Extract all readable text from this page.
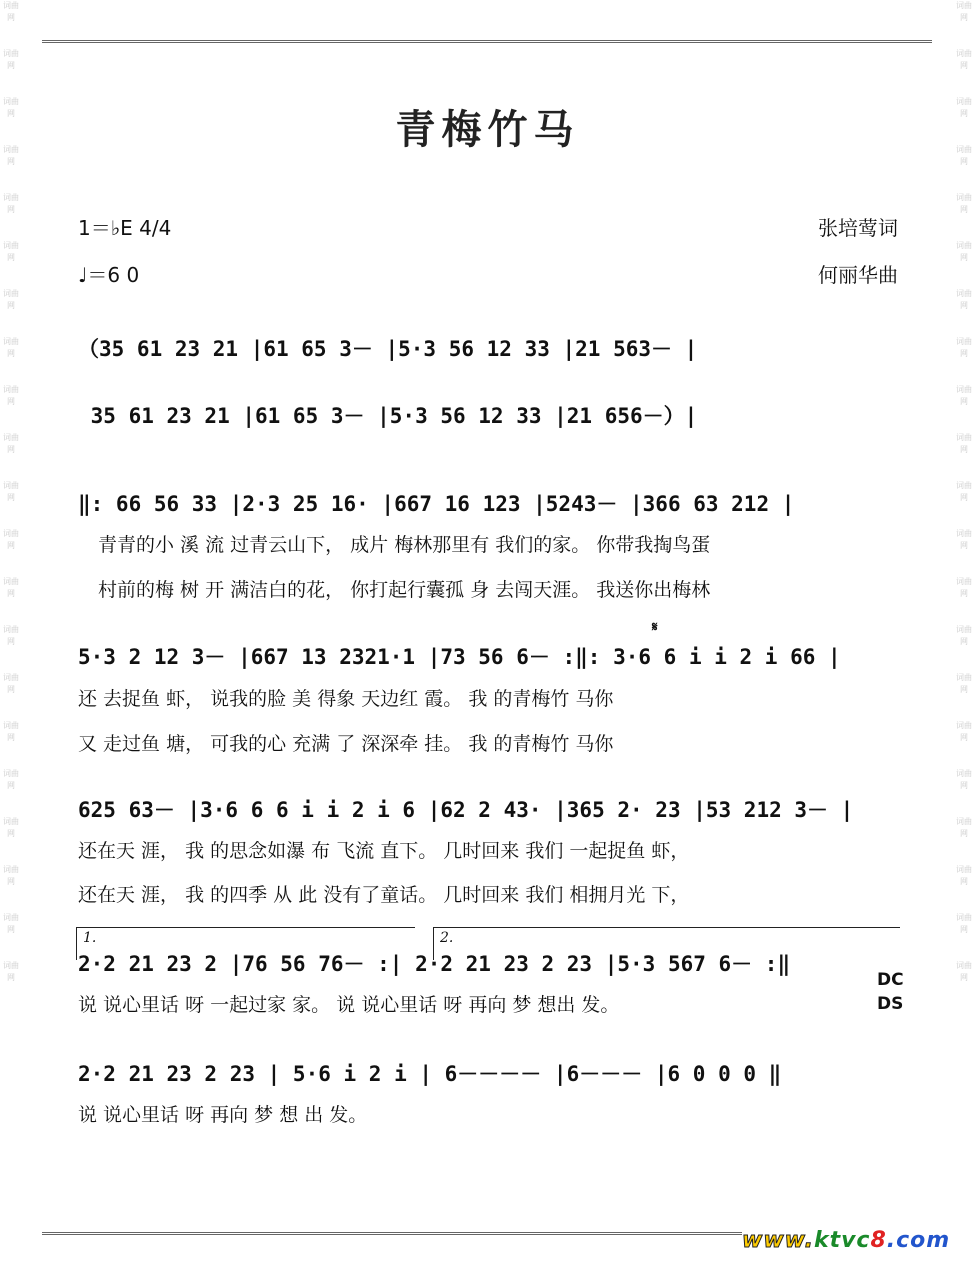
词曲网
词曲网
词曲网
词曲网
词曲网
词曲网
词曲网
词曲网
词曲网
词曲网
词曲网
词曲网
词曲网
词曲网
词曲网
词曲网
词曲网
词曲网
词曲网
词曲网
词曲网
词曲网
词曲网
词曲网
词曲网
词曲网
词曲网
词曲网
词曲网
词曲网
词曲网
词曲网
词曲网
词曲网
词曲网
词曲网
词曲网
词曲网
词曲网
词曲网
词曲网
词曲网
青梅竹马
1＝♭E 4/4
♩＝6 0
张培莺词
何丽华曲
（35 61 23 21 |61 65 3－ |5·3 56 12 33 |21 563－ |
35 61 23 21 |61 65 3－ |5·3 56 12 33 |21 656－）|
‖: 66 56 33 |2·3 25 16· |667 16 123 |5243－ |366 63 212 |
青青的小 溪 流 过青云山下， 成片 梅林那里有 我们的家。 你带我掏鸟蛋
村前的梅 树 开 满洁白的花， 你打起行囊孤 身 去闯天涯。 我送你出梅林
𝄋
5·3 2 12 3－ |667 13 2321·1 |73 56 6－ :‖: 3·6 6 i i 2 i 66 |
还 去捉鱼 虾， 说我的脸 美 得象 天边红 霞。 我 的青梅竹 马你
又 走过鱼 塘， 可我的心 充满 了 深深牵 挂。 我 的青梅竹 马你
625 63－ |3·6 6 6 i i 2 i 6 |62 2 43· |365 2· 23 |53 212 3－ |
还在天 涯， 我 的思念如瀑 布 飞流 直下。 几时回来 我们 一起捉鱼 虾，
还在天 涯， 我 的四季 从 此 没有了童话。 几时回来 我们 相拥月光 下，
1.	2.
2·2 21 23 2 |76 56 76－ :| 2·2 21 23 2 23 |5·3 567 6－ :‖
DC
DS
说 说心里话 呀 一起过家 家。 说 说心里话 呀 再向 梦 想出 发。
2·2 21 23 2 23 | 5·6 i 2 i | 6－－－－ |6－－－ |6 0 0 0 ‖
说 说心里话 呀 再向 梦 想 出 发。
www.ktvc8.com
